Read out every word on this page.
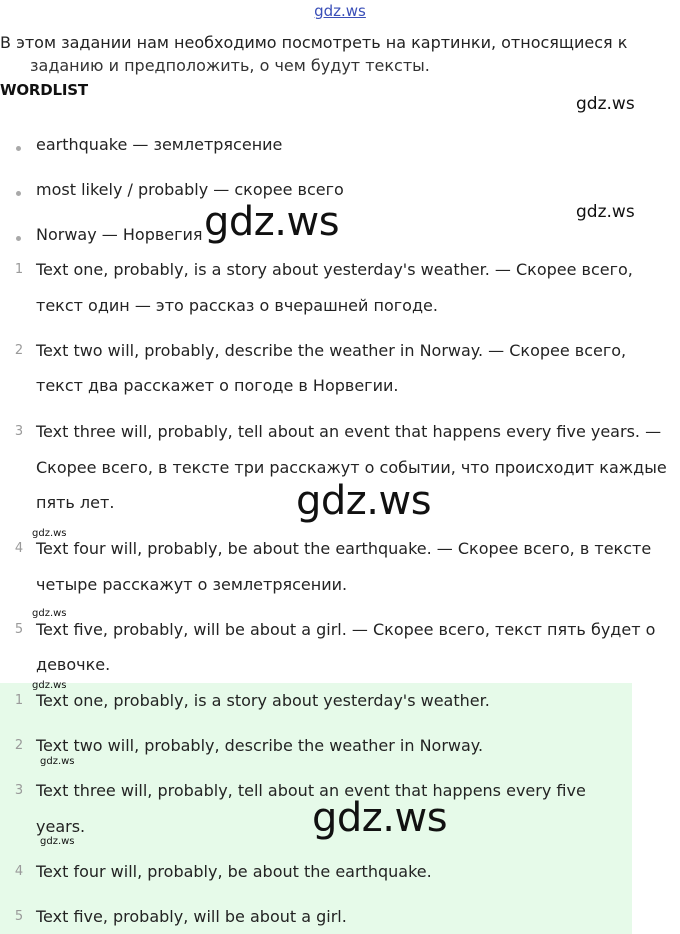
gdz.ws
В этом задании нам необходимо посмотреть на картинки, относящиеся к
заданию и предположить, о чем будут тексты.
WORDLIST
gdz.ws
gdz.ws
earthquake — землетрясение
most likely / probably — скорее всего
Norway — Норвегия gdz.ws
1 Text one, probably, is a story about yesterday's weather. — Скорее всего,
текст один — это рассказ о вчерашней погоде.
2 Text two will, probably, describe the weather in Norway. — Скорее всего,
текст два расскажет о погоде в Норвегии.
3 Text three will, probably, tell about an event that happens every five years. —
Скорее всего, в тексте три расскажут о событии, что происходит каждые
пять лет.	gdz.ws
gdz.ws
4 Text four will, probably, be about the earthquake. — Скорее всего, в тексте
четыре расскажут о землетрясении.
gdz.ws
5 Text five, probably, will be about a girl. — Скорее всего, текст пять будет о
девочке.
gdz.ws
1 Text one, probably, is a story about yesterday's weather.
2 Text two will, probably, describe the weather in Norway.
gdz.ws
3 Text three will, probably, tell about an event that happens every five
years.	gdz.ws
gdz.ws
4 Text four will, probably, be about the earthquake.
5 Text five, probably, will be about a girl.
